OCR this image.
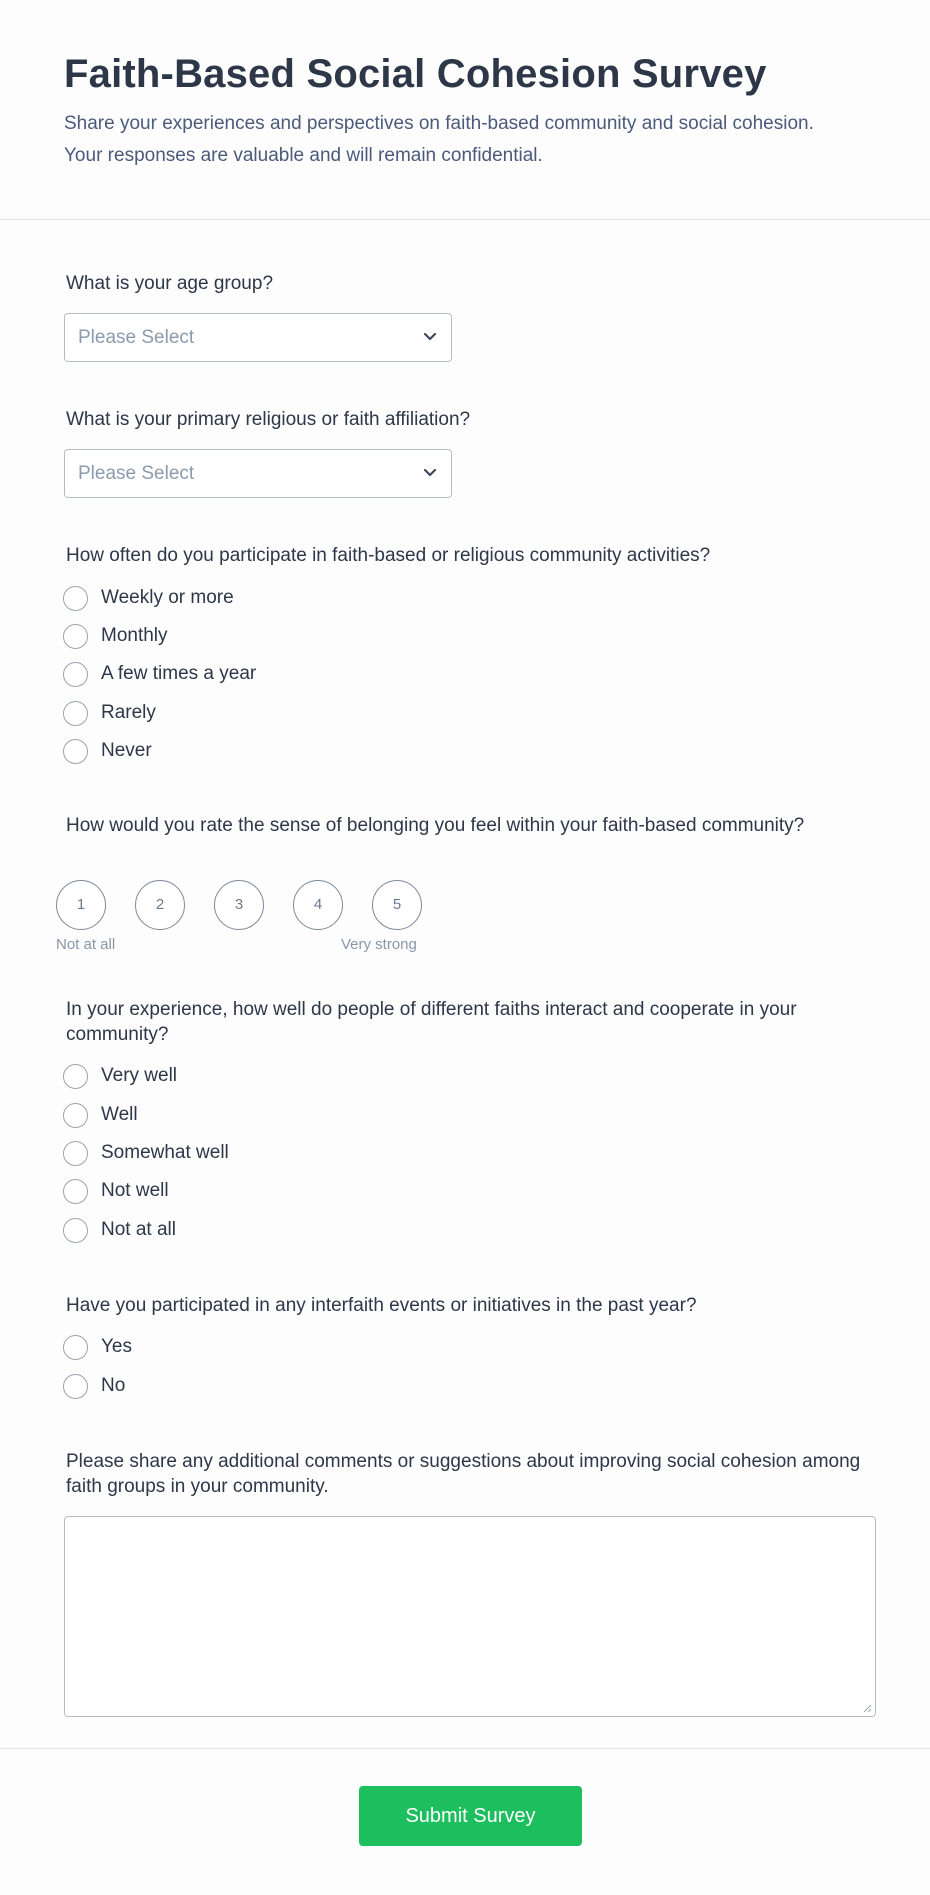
Faith-Based Social Cohesion Survey
Share your experiences and perspectives on faith-based community and social cohesion. Your responses are valuable and will remain confidential.
What is your age group?
Please Select
What is your primary religious or faith affiliation?
Please Select
How often do you participate in faith-based or religious community activities?
Weekly or more
Monthly
A few times a year
Rarely
Never
How would you rate the sense of belonging you feel within your faith-based community?
1	2	3	4	5
Not at all	Very strong
In your experience, how well do people of different faiths interact and cooperate in your community?
Very well
Well
Somewhat well
Not well
Not at all
Have you participated in any interfaith events or initiatives in the past year?
Yes
No
Please share any additional comments or suggestions about improving social cohesion among faith groups in your community.
Submit Survey
